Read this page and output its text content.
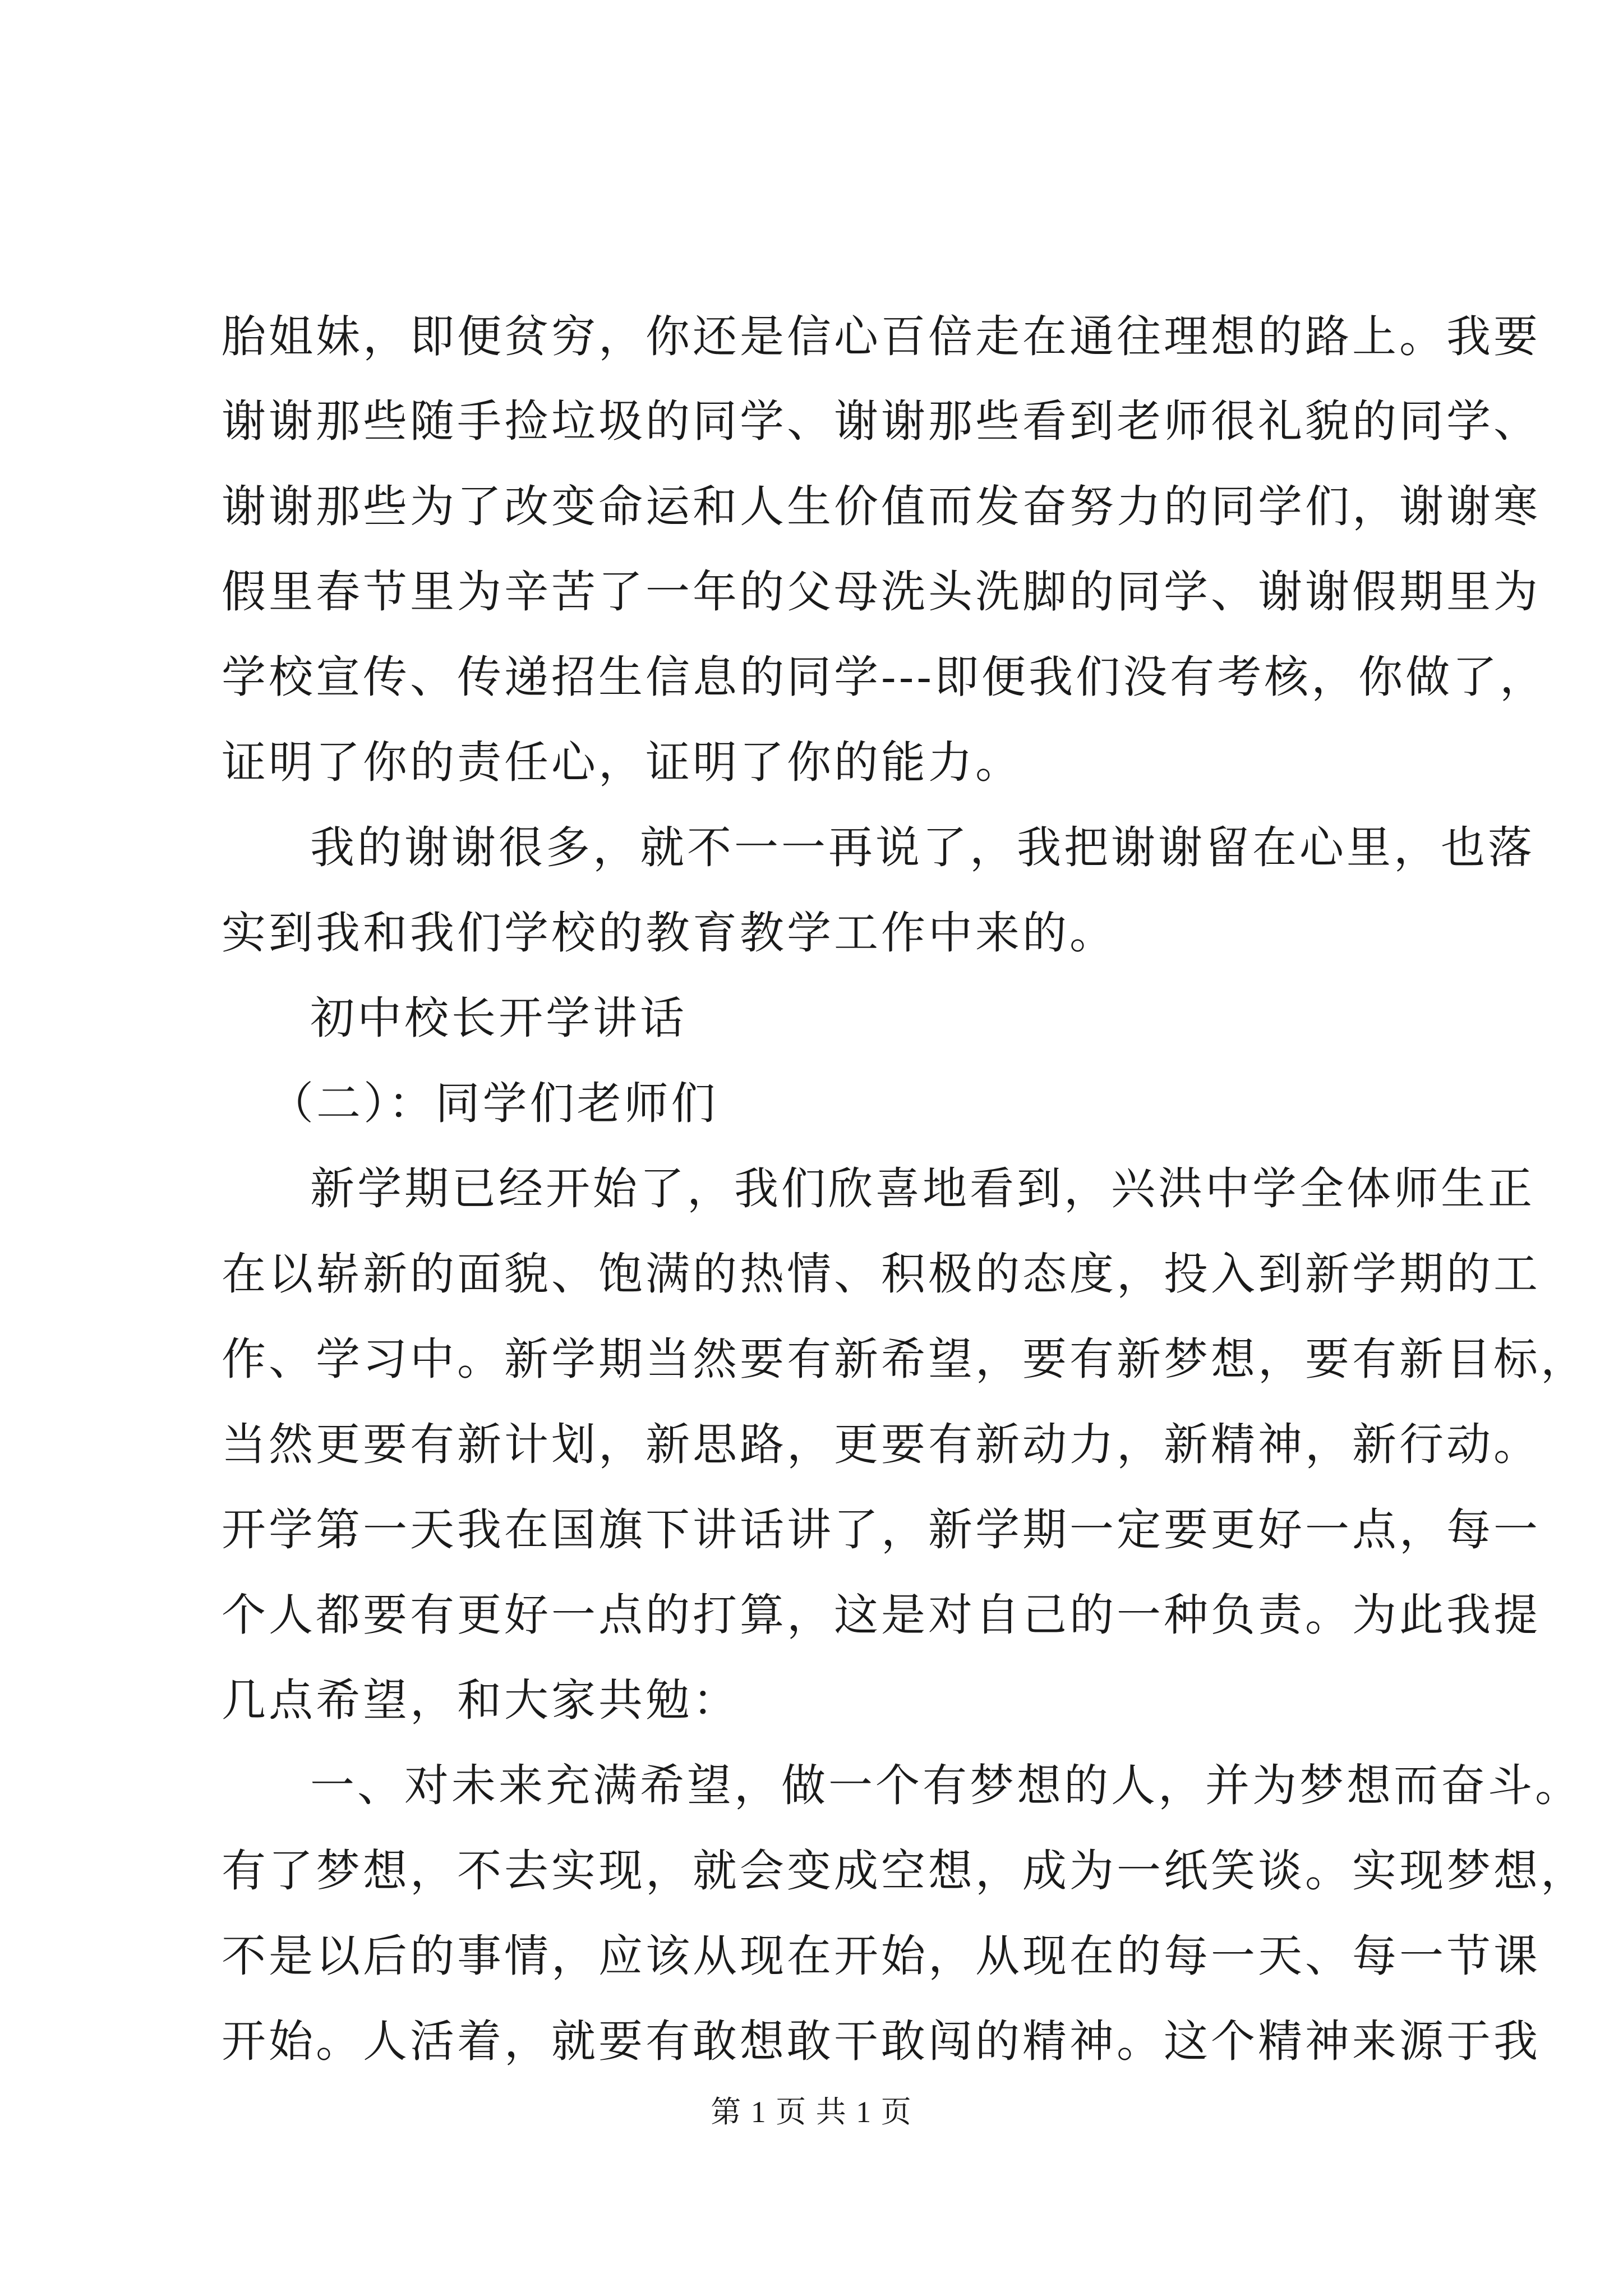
胎姐妹，即便贫穷，你还是信心百倍走在通往理想的路上。我要
谢谢那些随手捡垃圾的同学、谢谢那些看到老师很礼貌的同学、
谢谢那些为了改变命运和人生价值而发奋努力的同学们，谢谢寒
假里春节里为辛苦了一年的父母洗头洗脚的同学、谢谢假期里为
学校宣传、传递招生信息的同学---即便我们没有考核，你做了，
证明了你的责任心，证明了你的能力。
我的谢谢很多，就不一一再说了，我把谢谢留在心里，也落
实到我和我们学校的教育教学工作中来的。
初中校长开学讲话
（二）：同学们老师们
新学期已经开始了，我们欣喜地看到，兴洪中学全体师生正
在以崭新的面貌、饱满的热情、积极的态度，投入到新学期的工
作、学习中。新学期当然要有新希望，要有新梦想，要有新目标，
当然更要有新计划，新思路，更要有新动力，新精神，新行动。
开学第一天我在国旗下讲话讲了，新学期一定要更好一点，每一
个人都要有更好一点的打算，这是对自己的一种负责。为此我提
几点希望，和大家共勉：
一、对未来充满希望，做一个有梦想的人，并为梦想而奋斗。
有了梦想，不去实现，就会变成空想，成为一纸笑谈。实现梦想，
不是以后的事情，应该从现在开始，从现在的每一天、每一节课
开始。人活着，就要有敢想敢干敢闯的精神。这个精神来源于我
第 1 页 共 1 页
